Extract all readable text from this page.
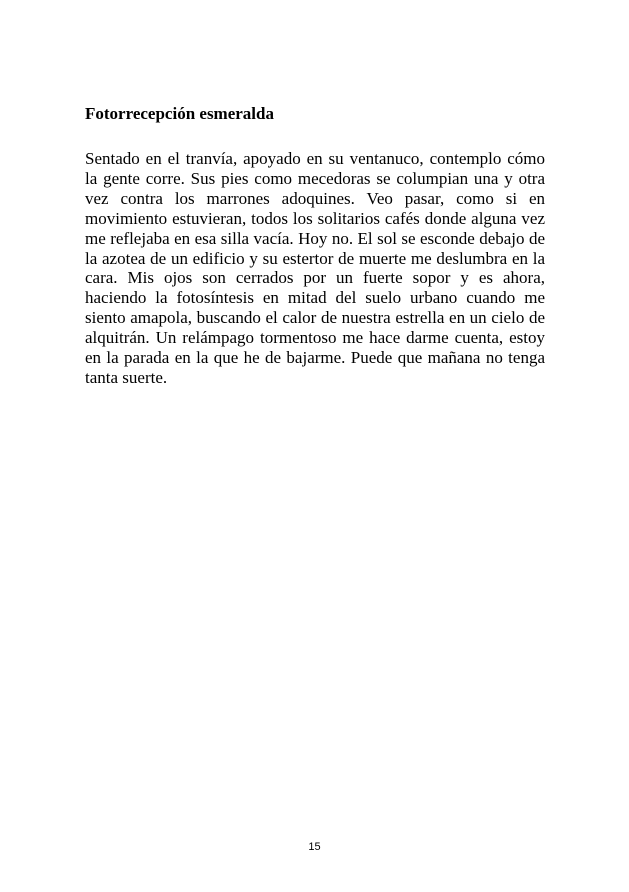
Fotorrecepción esmeralda

Sentado en el tranvía, apoyado en su ventanuco, contemplo cómo la gente corre. Sus pies como mecedoras se columpian una y otra vez contra los marrones adoquines. Veo pasar, como si en movimiento estuvieran, todos los solitarios cafés donde alguna vez me reflejaba en esa silla vacía. Hoy no. El sol se esconde debajo de la azotea de un edificio y su estertor de muerte me deslumbra en la cara. Mis ojos son cerrados por un fuerte sopor y es ahora, haciendo la fotosíntesis en mitad del suelo urbano cuando me siento amapola, buscando el calor de nuestra estrella en un cielo de alquitrán. Un relámpago tormentoso me hace darme cuenta, estoy en la parada en la que he de bajarme. Puede que mañana no tenga tanta suerte.

15
